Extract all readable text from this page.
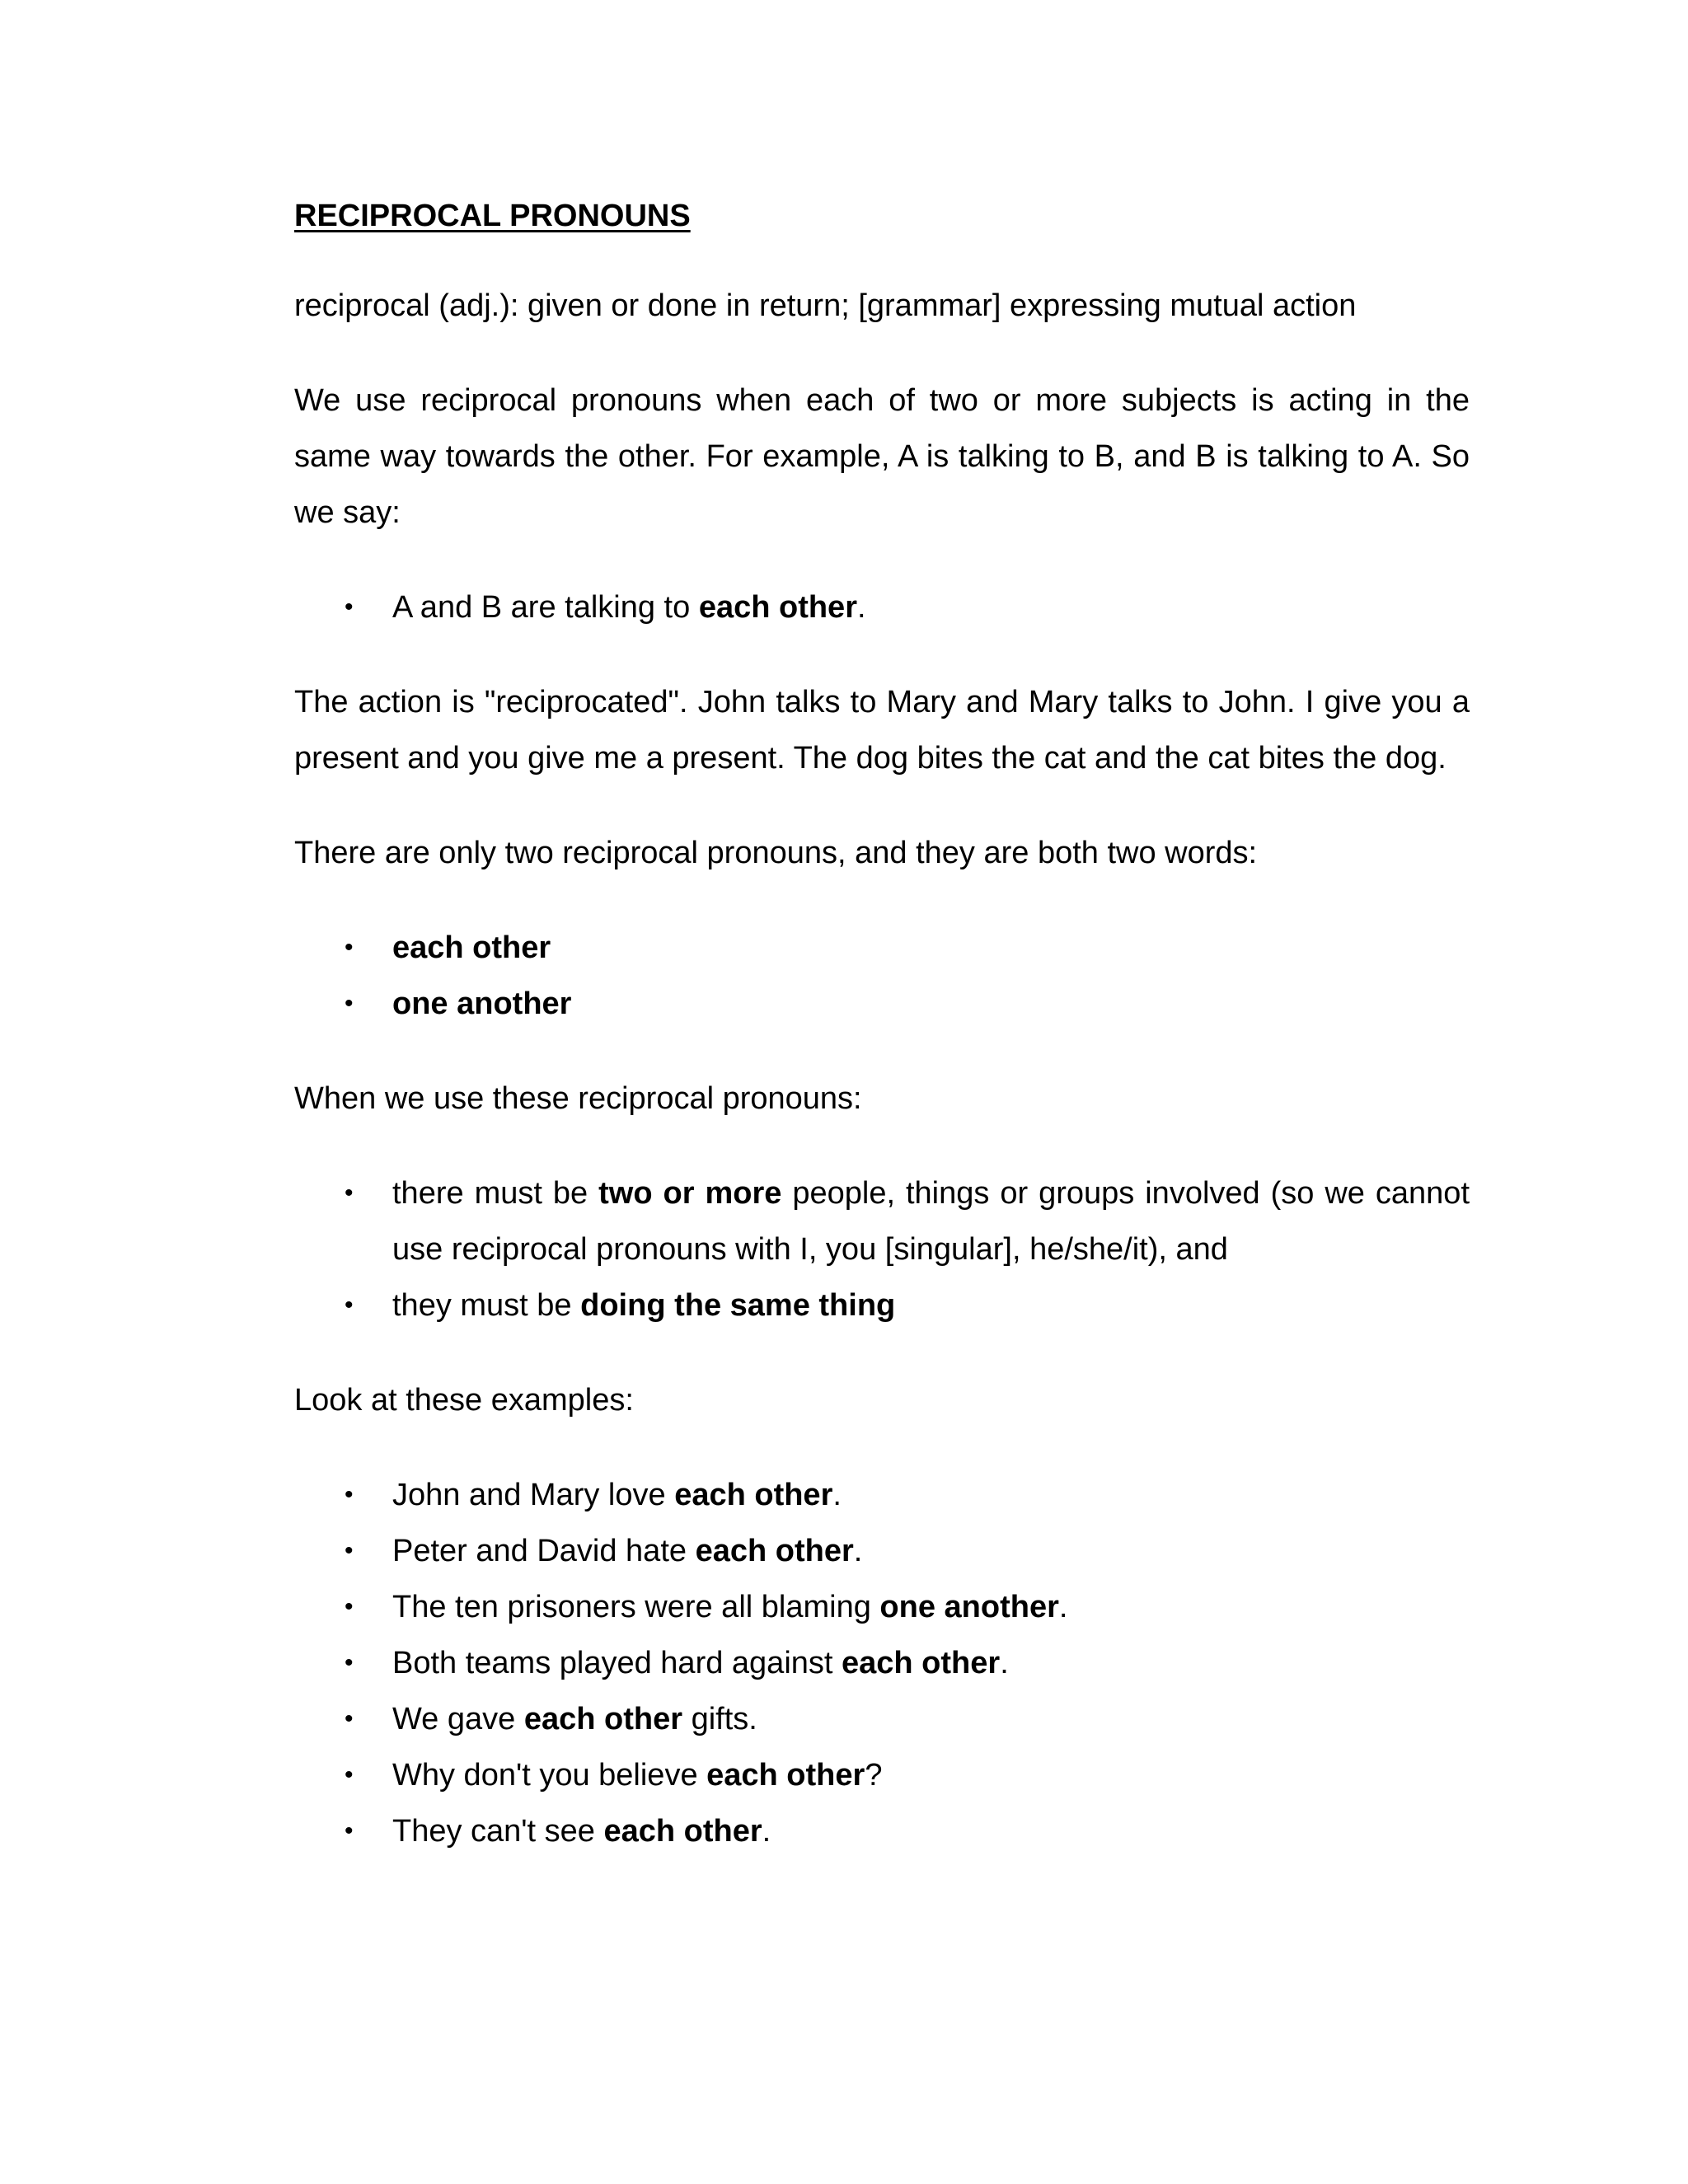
RECIPROCAL PRONOUNS

reciprocal (adj.): given or done in return; [grammar] expressing mutual action

We use reciprocal pronouns when each of two or more subjects is acting in the same way towards the other. For example, A is talking to B, and B is talking to A. So we say:

• A and B are talking to each other.

The action is "reciprocated". John talks to Mary and Mary talks to John. I give you a present and you give me a present. The dog bites the cat and the cat bites the dog.

There are only two reciprocal pronouns, and they are both two words:

• each other
• one another

When we use these reciprocal pronouns:

• there must be two or more people, things or groups involved (so we cannot use reciprocal pronouns with I, you [singular], he/she/it), and
• they must be doing the same thing

Look at these examples:

• John and Mary love each other.
• Peter and David hate each other.
• The ten prisoners were all blaming one another.
• Both teams played hard against each other.
• We gave each other gifts.
• Why don't you believe each other?
• They can't see each other.
